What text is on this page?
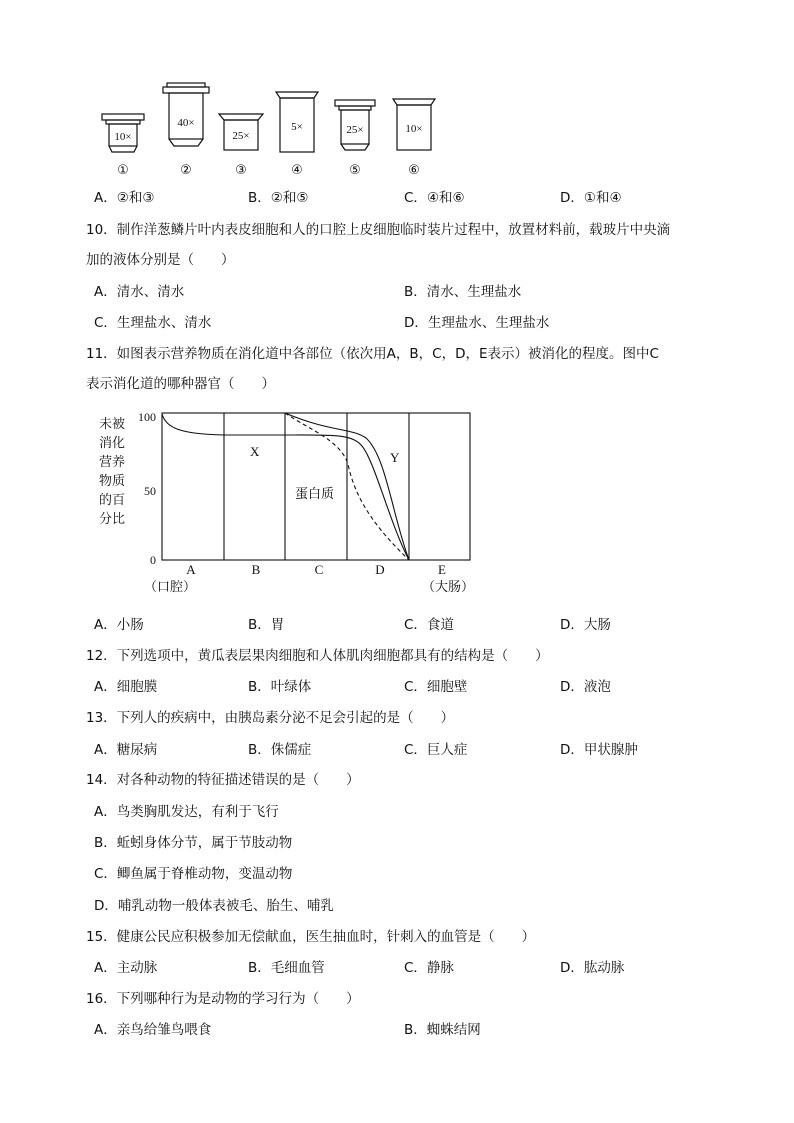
10×
40×
25×
5×	25×	10×
①	②	③	④	⑤	⑥
A．②和③	B．②和⑤	C．④和⑥	D．①和④
10．制作洋葱鳞片叶内表皮细胞和人的口腔上皮细胞临时装片过程中，放置材料前，载玻片中央滴
加的液体分别是（　　）
A．清水、清水	B．清水、生理盐水
C．生理盐水、清水	D．生理盐水、生理盐水
11．如图表示营养物质在消化道中各部位（依次用A，B，C，D，E表示）被消化的程度。图中C
表示消化道的哪种器官（　　）
未被
消化
营养
物质
的百
分比
100
50
0
X	Y
蛋白质
A	B	C	D	E
（口腔）	（大肠）
A．小肠	B．胃	C．食道	D．大肠
12．下列选项中，黄瓜表层果肉细胞和人体肌肉细胞都具有的结构是（　　）
A．细胞膜	B．叶绿体	C．细胞壁	D．液泡
13．下列人的疾病中，由胰岛素分泌不足会引起的是（　　）
A．糖尿病	B．侏儒症	C．巨人症	D．甲状腺肿
14．对各种动物的特征描述错误的是（　　）
A．鸟类胸肌发达，有利于飞行
B．蚯蚓身体分节，属于节肢动物
C．鲫鱼属于脊椎动物，变温动物
D．哺乳动物一般体表被毛、胎生、哺乳
15．健康公民应积极参加无偿献血，医生抽血时，针刺入的血管是（　　）
A．主动脉	B．毛细血管	C．静脉	D．肱动脉
16．下列哪种行为是动物的学习行为（　　）
A．亲鸟给雏鸟喂食	B．蜘蛛结网
